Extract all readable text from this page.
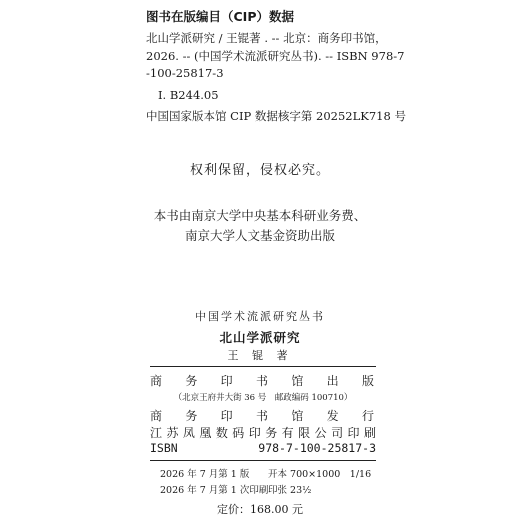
图书在版编目（CIP）数据
北山学派研究 / 王锟著 . -- 北京：商务印书馆，
2026. -- (中国学术流派研究丛书). -- ISBN 978-7
-100-25817-3
Ⅰ. B244.05
中国国家版本馆 CIP 数据核字第 20252LK718 号
权利保留，侵权必究。
本书由南京大学中央基本科研业务费、
南京大学人文基金资助出版
中国学术流派研究丛书
北山学派研究
王 锟 著
商务印书馆出版
（北京王府井大街 36 号　邮政编码 100710）
商务印书馆发行
江苏凤凰数码印务有限公司印刷
ISBN 978-7-100-25817-3
2026 年 7 月第 1 版 开本 700×1000　1/16
2026 年 7 月第 1 次印刷 印张 23½
定价：168.00 元
